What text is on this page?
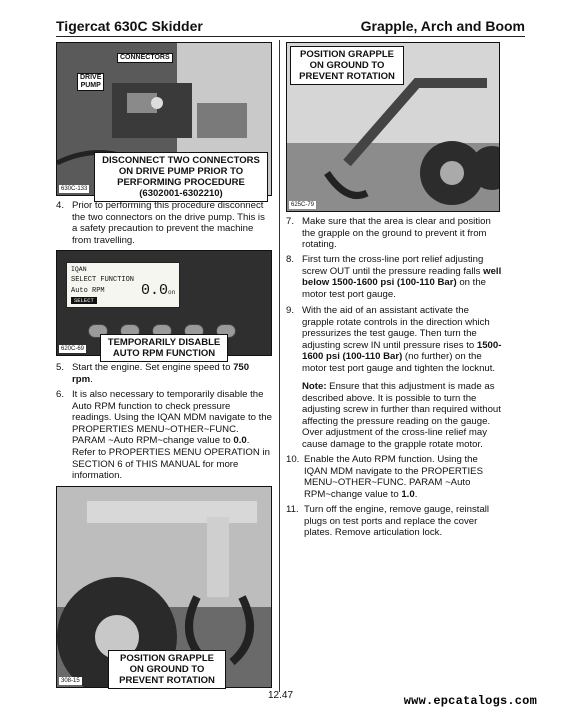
Tigercat 630C Skidder	Grapple, Arch and Boom
CONNECTORS
DRIVE
PUMP
630C-133
DISCONNECT TWO CONNECTORS
ON DRIVE PUMP PRIOR TO
PERFORMING PROCEDURE
(6302001-6302210)
4. Prior to performing this procedure disconnect the two connectors on the drive pump. This is a safety precaution to prevent the machine from travelling.
620C-69
IQAN
SELECT FUNCTION
Auto RPM 0.0on
SELECT
TEMPORARILY DISABLE
AUTO RPM FUNCTION
5. Start the engine. Set engine speed to 750 rpm.
6. It is also necessary to temporarily disable the Auto RPM function to check pressure readings. Using the IQAN MDM navigate to the PROPERTIES MENU~OTHER~FUNC. PARAM ~Auto RPM~change value to 0.0. Refer to PROPERTIES MENU OPERATION in SECTION 6 of THIS MANUAL for more information.
308-15
POSITION GRAPPLE
ON GROUND TO
PREVENT ROTATION
625C-79
POSITION GRAPPLE
ON GROUND TO
PREVENT ROTATION
7. Make sure that the area is clear and position the grapple on the ground to prevent it from rotating.
8. First turn the cross-line port relief adjusting screw OUT until the pressure reading falls well below 1500-1600 psi (100-110 Bar) on the motor test port gauge.
9. With the aid of an assistant activate the grapple rotate controls in the direction which pressurizes the test gauge. Then turn the adjusting screw IN until pressure rises to 1500-1600 psi (100-110 Bar) (no further) on the motor test port gauge and tighten the locknut.
Note: Ensure that this adjustment is made as described above. It is possible to turn the adjusting screw in further than required without affecting the pressure reading on the gauge. Over adjustment of the cross-line relief may cause damage to the grapple rotate motor.
10. Enable the Auto RPM function. Using the IQAN MDM navigate to the PROPERTIES MENU~OTHER~FUNC. PARAM ~Auto RPM~change value to 1.0.
11. Turn off the engine, remove gauge, reinstall plugs on test ports and replace the cover plates. Remove articulation lock.
12.47	www.epcatalogs.com
